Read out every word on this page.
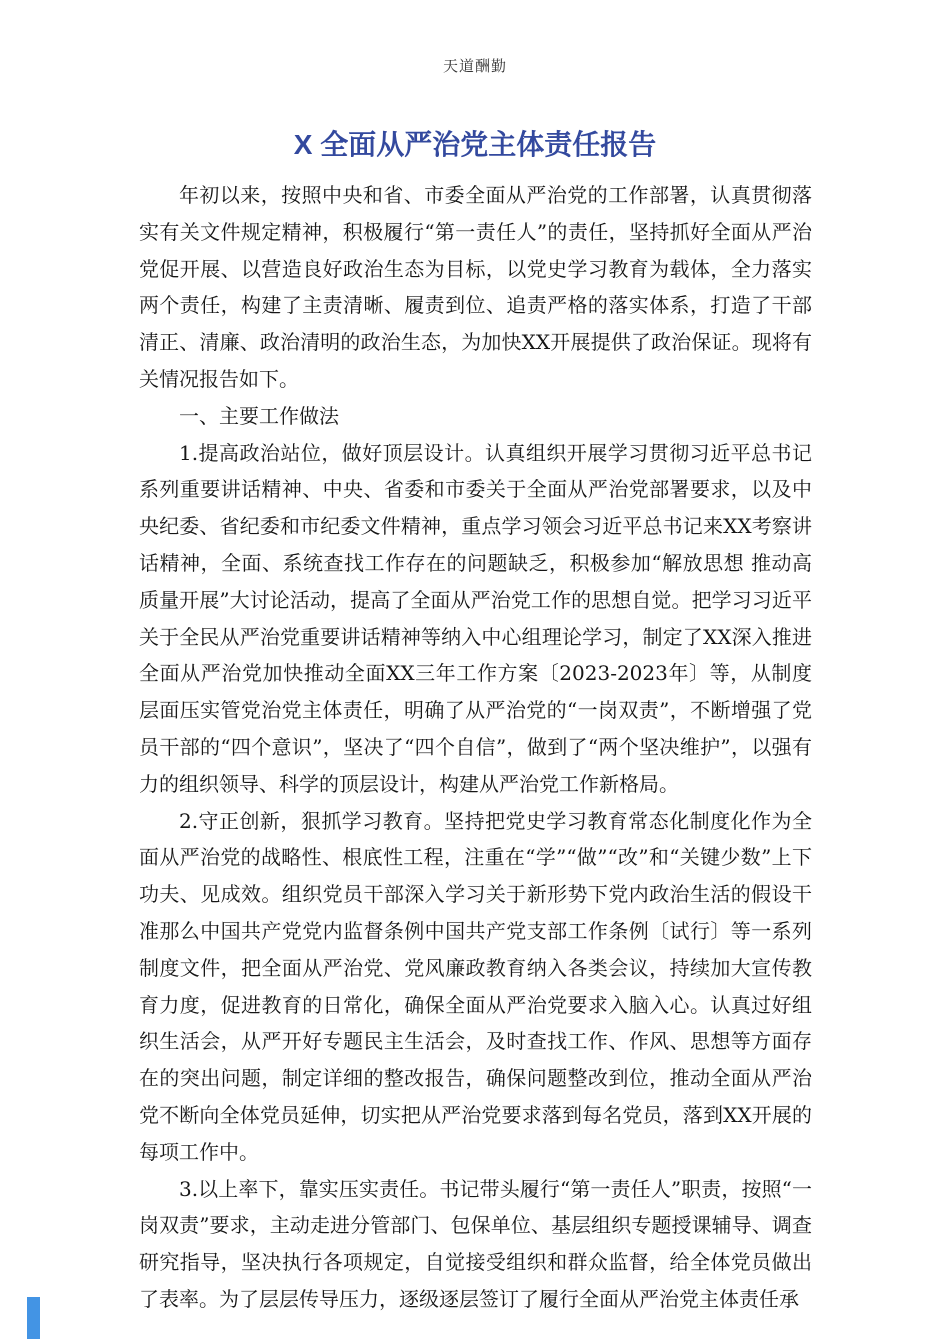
天道酬勤
X 全面从严治党主体责任报告

年初以来，按照中央和省、市委全面从严治党的工作部署，认真贯彻落实有关文件规定精神，积极履行“第一责任人”的责任，坚持抓好全面从严治党促开展、以营造良好政治生态为目标，以党史学习教育为载体，全力落实两个责任，构建了主责清晰、履责到位、追责严格的落实体系，打造了干部清正、清廉、政治清明的政治生态，为加快XX开展提供了政治保证。现将有关情况报告如下。

一、主要工作做法

1.提高政治站位，做好顶层设计。认真组织开展学习贯彻习近平总书记系列重要讲话精神、中央、省委和市委关于全面从严治党部署要求，以及中央纪委、省纪委和市纪委文件精神，重点学习领会习近平总书记来XX考察讲话精神，全面、系统查找工作存在的问题缺乏，积极参加“解放思想 推动高质量开展”大讨论活动，提高了全面从严治党工作的思想自觉。把学习习近平关于全民从严治党重要讲话精神等纳入中心组理论学习，制定了XX深入推进全面从严治党加快推动全面XX三年工作方案〔2023-2023年〕等，从制度层面压实管党治党主体责任，明确了从严治党的“一岗双责”，不断增强了党员干部的“四个意识”，坚决了“四个自信”，做到了“两个坚决维护”，以强有力的组织领导、科学的顶层设计，构建从严治党工作新格局。

2.守正创新，狠抓学习教育。坚持把党史学习教育常态化制度化作为全面从严治党的战略性、根底性工程，注重在“学”“做”“改”和“关键少数”上下功夫、见成效。组织党员干部深入学习关于新形势下党内政治生活的假设干准那么中国共产党党内监督条例中国共产党支部工作条例〔试行〕等一系列制度文件，把全面从严治党、党风廉政教育纳入各类会议，持续加大宣传教育力度，促进教育的日常化，确保全面从严治党要求入脑入心。认真过好组织生活会，从严开好专题民主生活会，及时查找工作、作风、思想等方面存在的突出问题，制定详细的整改报告，确保问题整改到位，推动全面从严治党不断向全体党员延伸，切实把从严治党要求落到每名党员，落到XX开展的每项工作中。

3.以上率下，靠实压实责任。书记带头履行“第一责任人”职责，按照“一岗双责”要求，主动走进分管部门、包保单位、基层组织专题授课辅导、调查研究指导，坚决执行各项规定，自觉接受组织和群众监督，给全体党员做出了表率。为了层层传导压力，逐级逐层签订了履行全面从严治党主体责任承
